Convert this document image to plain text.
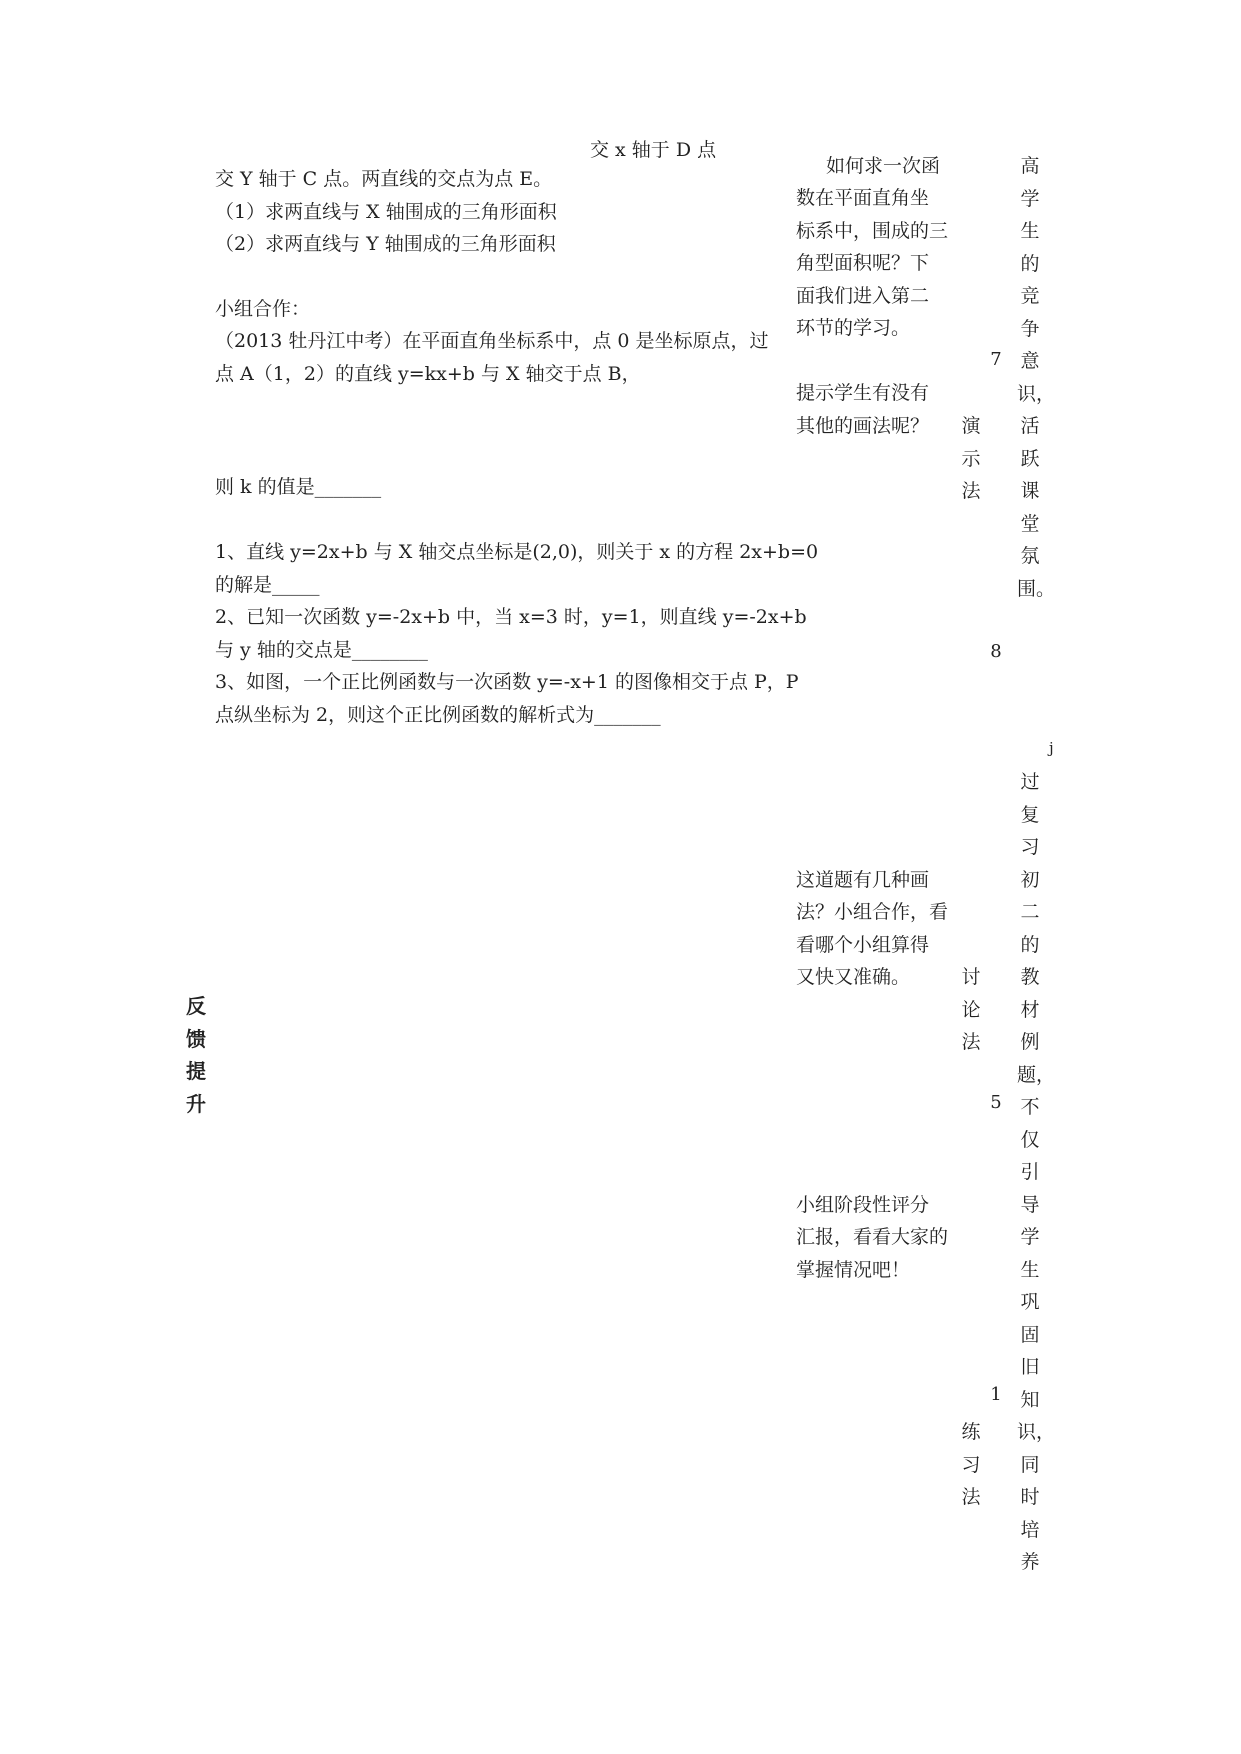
交 x 轴于 D 点

交 Y 轴于 C 点。两直线的交点为点 E。

（1）求两直线与 X 轴围成的三角形面积

（2）求两直线与 Y 轴围成的三角形面积

小组合作：

（2013 牡丹江中考）在平面直角坐标系中，点 0 是坐标原点，过

点 A（1，2）的直线 y=kx+b 与 X 轴交于点 B，

则 k 的值是_______

1、直线 y=2x+b 与 X 轴交点坐标是(2,0)，则关于 x 的方程 2x+b=0

的解是_____

2、已知一次函数 y=-2x+b 中，当 x=3 时，y=1，则直线 y=-2x+b

与 y 轴的交点是________

3、如图，一个正比例函数与一次函数 y=-x+1 的图像相交于点 P，P

点纵坐标为 2，则这个正比例函数的解析式为_______

反馈提升

如何求一次函

数在平面直角坐

标系中，围成的三

角型面积呢？下

面我们进入第二

环节的学习。

提示学生有没有

其他的画法呢？

这道题有几种画

法？小组合作，看

看哪个小组算得

又快又准确。

小组阶段性评分

汇报，看看大家的

掌握情况吧！

演示法
讨论法
练习法
7
8
5
1
高学生的竞争意识，活跃课堂氛围。
j
过复习初二的教材例题，不仅引导学生巩固旧知识，同时培养
